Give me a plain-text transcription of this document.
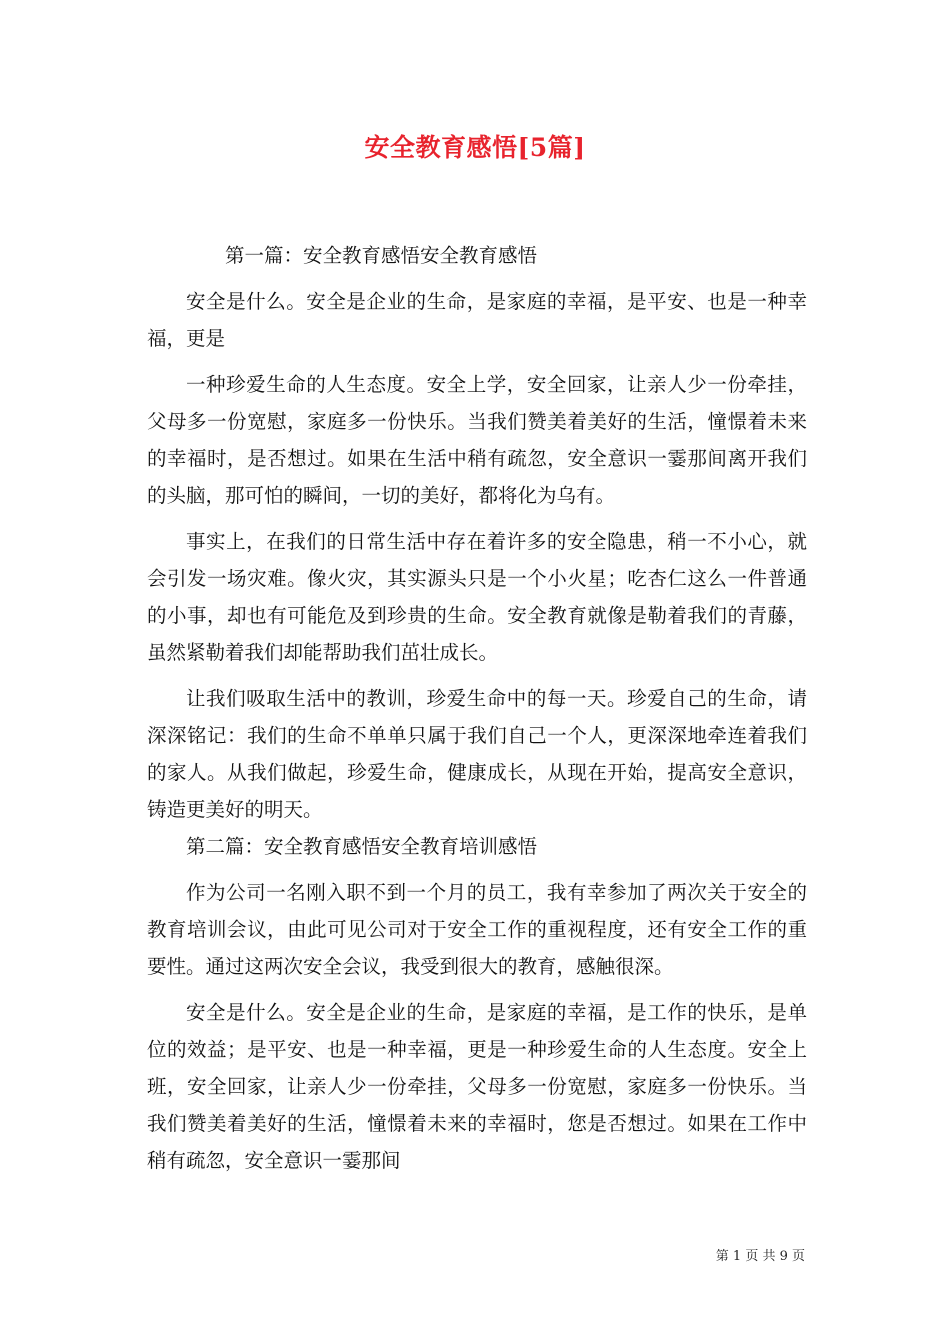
安全教育感悟[5篇]

第一篇：安全教育感悟安全教育感悟

安全是什么。安全是企业的生命，是家庭的幸福，是平安、也是一种幸福，更是

一种珍爱生命的人生态度。安全上学，安全回家，让亲人少一份牵挂，父母多一份宽慰，家庭多一份快乐。当我们赞美着美好的生活，憧憬着未来的幸福时，是否想过。如果在生活中稍有疏忽，安全意识一霎那间离开我们的头脑，那可怕的瞬间，一切的美好，都将化为乌有。

事实上，在我们的日常生活中存在着许多的安全隐患，稍一不小心，就会引发一场灾难。像火灾，其实源头只是一个小火星；吃杏仁这么一件普通的小事，却也有可能危及到珍贵的生命。安全教育就像是勒着我们的青藤，虽然紧勒着我们却能帮助我们茁壮成长。

让我们吸取生活中的教训，珍爱生命中的每一天。珍爱自己的生命，请深深铭记：我们的生命不单单只属于我们自己一个人，更深深地牵连着我们的家人。从我们做起，珍爱生命，健康成长，从现在开始，提高安全意识，铸造更美好的明天。

第二篇：安全教育感悟安全教育培训感悟

作为公司一名刚入职不到一个月的员工，我有幸参加了两次关于安全的教育培训会议，由此可见公司对于安全工作的重视程度，还有安全工作的重要性。通过这两次安全会议，我受到很大的教育，感触很深。

安全是什么。安全是企业的生命，是家庭的幸福，是工作的快乐，是单位的效益；是平安、也是一种幸福，更是一种珍爱生命的人生态度。安全上班，安全回家，让亲人少一份牵挂，父母多一份宽慰，家庭多一份快乐。当我们赞美着美好的生活，憧憬着未来的幸福时，您是否想过。如果在工作中稍有疏忽，安全意识一霎那间

第 1 页 共 9 页
